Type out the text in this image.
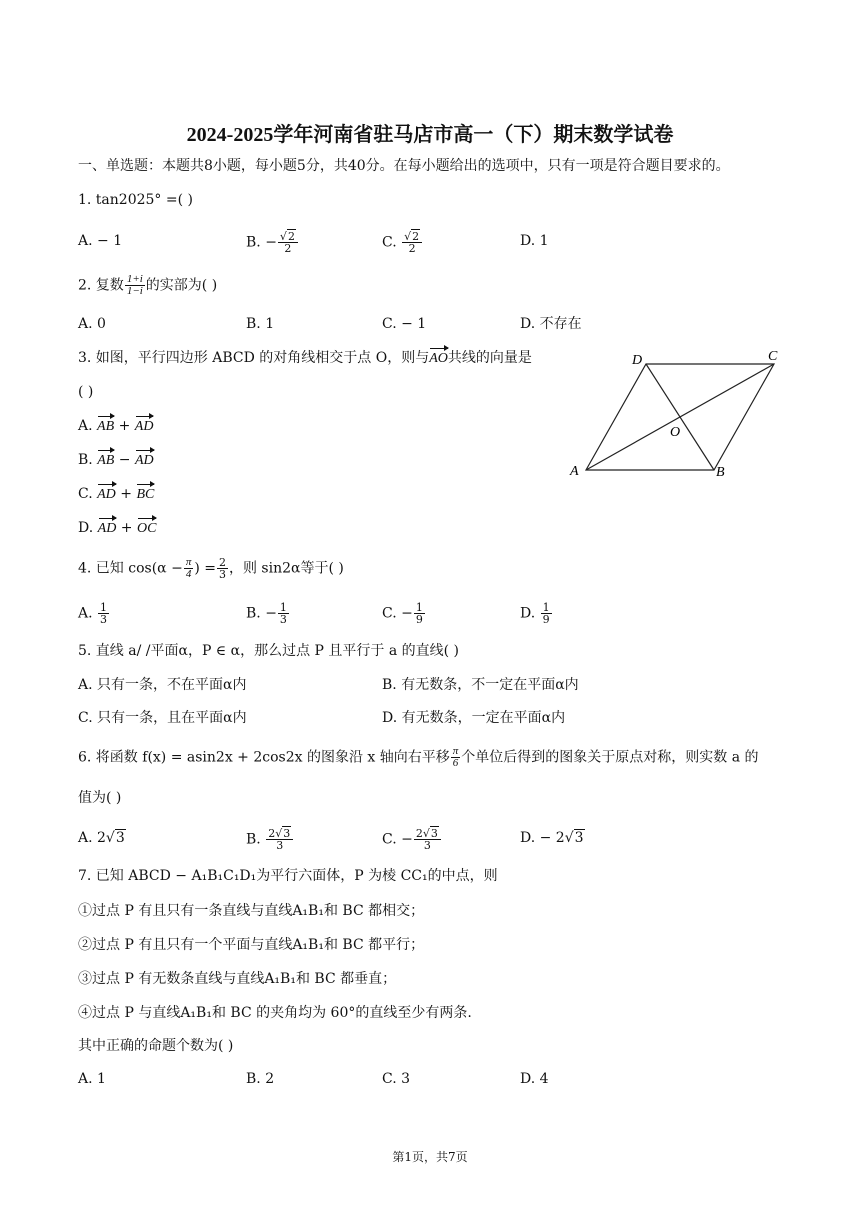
2024-2025学年河南省驻马店市高一（下）期末数学试卷
一、单选题：本题共8小题，每小题5分，共40分。在每小题给出的选项中，只有一项是符合题目要求的。
1. tan2025° =( )
A. − 1	B. − $\frac{√2}{2}$	C. $\frac{√2}{2}$	D. 1
2. 复数 $\frac{1+i}{1-i}$ 的实部为( )
A. 0	B. 1	C. − 1	D. 不存在
3. 如图，平行四边形 ABCD 的对角线相交于点 O，则与AO共线的向量是
( )
A. AB + AD
B. AB − AD
C. AD + BC
D. AD + OC
A	B
C
D
O
4. 已知 $\cos(\alpha - \frac{\pi}{4}$ ) = $\frac{2}{3}$ ，则 sin2α等于( )
A. $\frac{1}{3}$	B. − $\frac{1}{3}$	C. − $\frac{1}{9}$	D. $\frac{1}{9}$
5. 直线 a/ /平面α，P ∈ α，那么过点 P 且平行于 a 的直线( )
A. 只有一条，不在平面α内	B. 有无数条，不一定在平面α内
C. 只有一条，且在平面α内	D. 有无数条，一定在平面α内
6. 将函数 f(x) = asin2x + 2cos2x 的图象沿 x 轴向右平移 $\frac{\pi}{6}$ 个单位后得到的图象关于原点对称，则实数 a 的
值为( )
A. 2√3	B. $\frac{2√3}{3}$	C. − $\frac{2√3}{3}$	D. − 2√3
7. 已知 ABCD − A₁B₁C₁D₁为平行六面体，P 为棱 CC₁的中点，则
①过点 P 有且只有一条直线与直线A₁B₁和 BC 都相交；
②过点 P 有且只有一个平面与直线A₁B₁和 BC 都平行；
③过点 P 有无数条直线与直线A₁B₁和 BC 都垂直；
④过点 P 与直线A₁B₁和 BC 的夹角均为 60°的直线至少有两条.
其中正确的命题个数为( )
A. 1	B. 2	C. 3	D. 4
第1页，共7页
